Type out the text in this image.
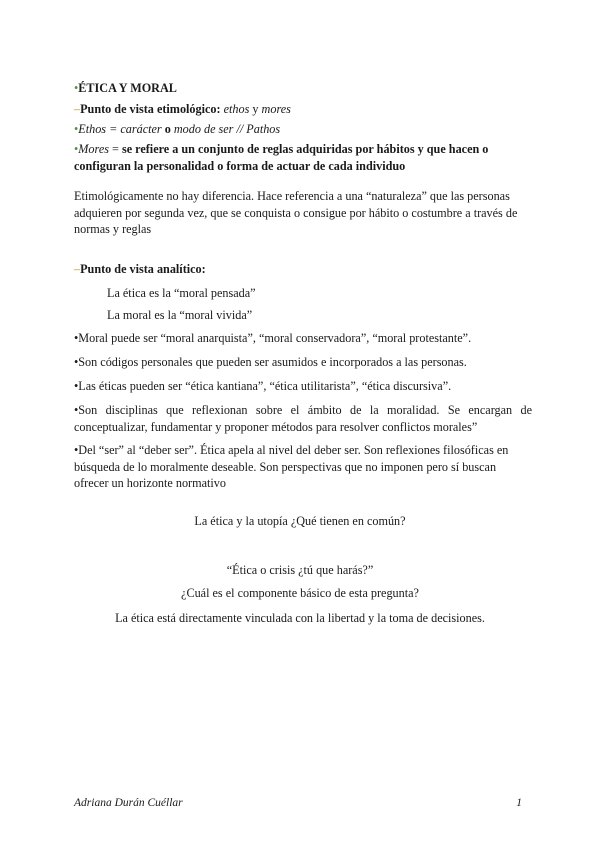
•ÉTICA Y MORAL
–Punto de vista etimológico: ethos y mores
•Ethos = carácter o modo de ser // Pathos
•Mores = se refiere a un conjunto de reglas adquiridas por hábitos y que hacen o configuran la personalidad o forma de actuar de cada individuo
Etimológicamente no hay diferencia. Hace referencia a una “naturaleza” que las personas adquieren por segunda vez, que se conquista o consigue por hábito o costumbre a través de normas y reglas
–Punto de vista analítico:
La ética es la “moral pensada”
La moral es la “moral vivida”
•Moral puede ser “moral anarquista”, “moral conservadora”, “moral protestante”.
•Son códigos personales que pueden ser asumidos e incorporados a las personas.
•Las éticas pueden ser “ética kantiana”, “ética utilitarista”, “ética discursiva”.
•Son disciplinas que reflexionan sobre el ámbito de la moralidad. Se encargan de conceptualizar, fundamentar y proponer métodos para resolver conflictos morales”
•Del “ser” al “deber ser”. Ética apela al nivel del deber ser. Son reflexiones filosóficas en búsqueda de lo moralmente deseable. Son perspectivas que no imponen pero sí buscan ofrecer un horizonte normativo
La ética y la utopía ¿Qué tienen en común?
“Ética o crisis ¿tú que harás?”
¿Cuál es el componente básico de esta pregunta?
La ética está directamente vinculada con la libertad y la toma de decisiones.
Adriana Durán Cuéllar	1
